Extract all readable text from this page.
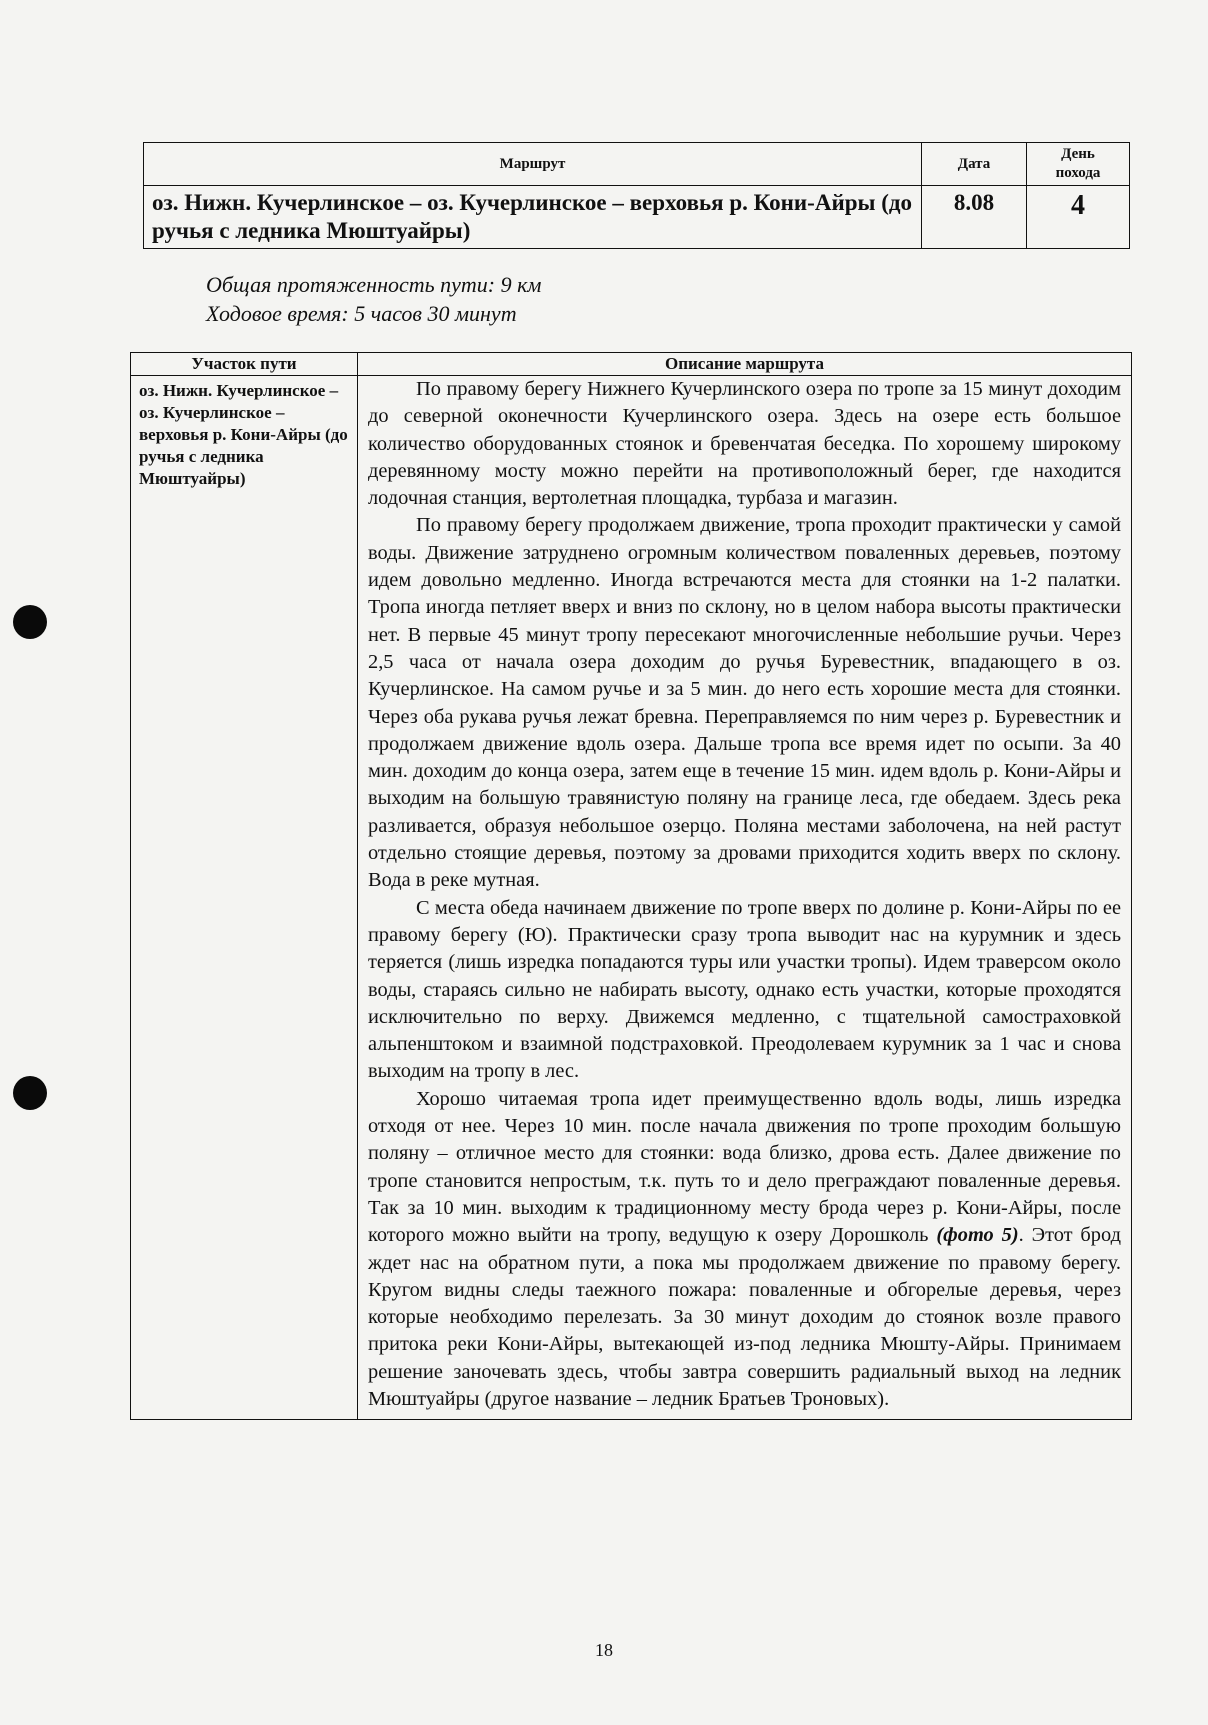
Маршрут	Дата	День
похода

оз. Нижн. Кучерлинское – оз. Кучерлинское – верховья р. Кони-Айры (до ручья с ледника Мюштуайры)	8.08	4
Общая протяженность пути: 9 км
Ходовое время: 5 часов 30 минут
Участок пути	Описание маршрута
оз. Нижн. Кучерлинское – оз. Кучерлинское – верховья р. Кони-Айры (до ручья с ледника Мюштуайры)	По правому берегу Нижнего Кучерлинского озера по тропе за 15 минут доходим до северной оконечности Кучерлинского озера. Здесь на озере есть большое количество оборудованных стоянок и бревенчатая беседка. По хорошему широкому деревянному мосту можно перейти на противоположный берег, где находится лодочная станция, вертолетная площадка, турбаза и магазин.

По правому берегу продолжаем движение, тропа проходит практически у самой воды. Движение затруднено огромным количеством поваленных деревьев, поэтому идем довольно медленно. Иногда встречаются места для стоянки на 1-2 палатки. Тропа иногда петляет вверх и вниз по склону, но в целом набора высоты практически нет. В первые 45 минут тропу пересекают многочисленные небольшие ручьи. Через 2,5 часа от начала озера доходим до ручья Буревестник, впадающего в оз. Кучерлинское. На самом ручье и за 5 мин. до него есть хорошие места для стоянки. Через оба рукава ручья лежат бревна. Переправляемся по ним через р. Буревестник и продолжаем движение вдоль озера. Дальше тропа все время идет по осыпи. За 40 мин. доходим до конца озера, затем еще в течение 15 мин. идем вдоль р. Кони-Айры и выходим на большую травянистую поляну на границе леса, где обедаем. Здесь река разливается, образуя небольшое озерцо. Поляна местами заболочена, на ней растут отдельно стоящие деревья, поэтому за дровами приходится ходить вверх по склону. Вода в реке мутная.

С места обеда начинаем движение по тропе вверх по долине р. Кони-Айры по ее правому берегу (Ю). Практически сразу тропа выводит нас на курумник и здесь теряется (лишь изредка попадаются туры или участки тропы). Идем траверсом около воды, стараясь сильно не набирать высоту, однако есть участки, которые проходятся исключительно по верху. Движемся медленно, с тщательной самостраховкой альпенштоком и взаимной подстраховкой. Преодолеваем курумник за 1 час и снова выходим на тропу в лес.

Хорошо читаемая тропа идет преимущественно вдоль воды, лишь изредка отходя от нее. Через 10 мин. после начала движения по тропе проходим большую поляну – отличное место для стоянки: вода близко, дрова есть. Далее движение по тропе становится непростым, т.к. путь то и дело преграждают поваленные деревья. Так за 10 мин. выходим к традиционному месту брода через р. Кони-Айры, после которого можно выйти на тропу, ведущую к озеру Дорошколь (фото 5). Этот брод ждет нас на обратном пути, а пока мы продолжаем движение по правому берегу. Кругом видны следы таежного пожара: поваленные и обгорелые деревья, через которые необходимо перелезать. За 30 минут доходим до стоянок возле правого притока реки Кони-Айры, вытекающей из-под ледника Мюшту-Айры. Принимаем решение заночевать здесь, чтобы завтра совершить радиальный выход на ледник Мюштуайры (другое название – ледник Братьев Троновых).

18
